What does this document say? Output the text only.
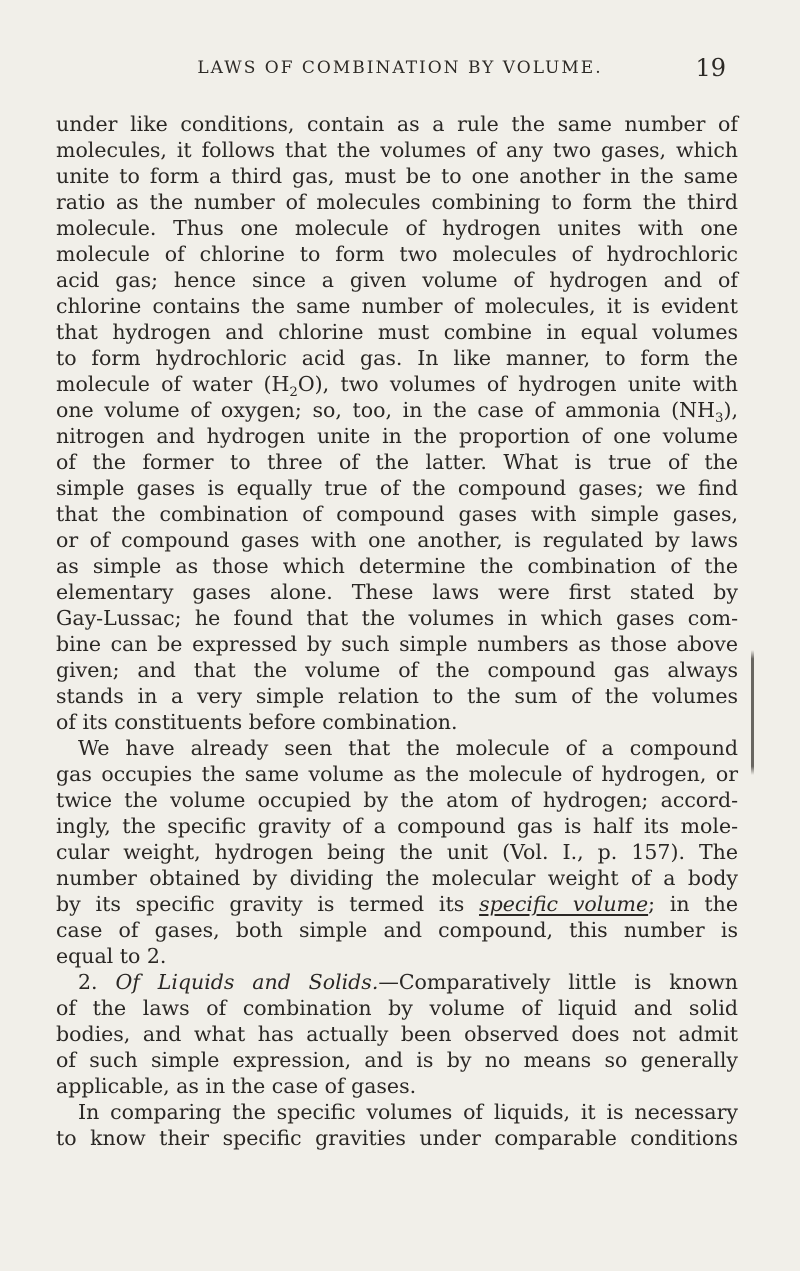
LAWS OF COMBINATION BY VOLUME.	19
under like conditions, contain as a rule the same number of
molecules, it follows that the volumes of any two gases, which
unite to form a third gas, must be to one another in the same
ratio as the number of molecules combining to form the third
molecule. Thus one molecule of hydrogen unites with one
molecule of chlorine to form two molecules of hydrochloric
acid gas; hence since a given volume of hydrogen and of
chlorine contains the same number of molecules, it is evident
that hydrogen and chlorine must combine in equal volumes
to form hydrochloric acid gas. In like manner, to form the
molecule of water $(H_2O)$, two volumes of hydrogen unite with
one volume of oxygen; so, too, in the case of ammonia $(NH_3)$,
nitrogen and hydrogen unite in the proportion of one volume
of the former to three of the latter. What is true of the
simple gases is equally true of the compound gases; we find
that the combination of compound gases with simple gases,
or of compound gases with one another, is regulated by laws
as simple as those which determine the combination of the
elementary gases alone. These laws were first stated by
Gay-Lussac; he found that the volumes in which gases com-
bine can be expressed by such simple numbers as those above
given; and that the volume of the compound gas always
stands in a very simple relation to the sum of the volumes
of its constituents before combination.
We have already seen that the molecule of a compound
gas occupies the same volume as the molecule of hydrogen, or
twice the volume occupied by the atom of hydrogen; accord-
ingly, the specific gravity of a compound gas is half its mole-
cular weight, hydrogen being the unit (Vol. I., p. 157). The
number obtained by dividing the molecular weight of a body
by its specific gravity is termed its specific volume; in the
case of gases, both simple and compound, this number is
equal to 2.
2. Of Liquids and Solids.—Comparatively little is known
of the laws of combination by volume of liquid and solid
bodies, and what has actually been observed does not admit
of such simple expression, and is by no means so generally
applicable, as in the case of gases.
In comparing the specific volumes of liquids, it is necessary
to know their specific gravities under comparable conditions
